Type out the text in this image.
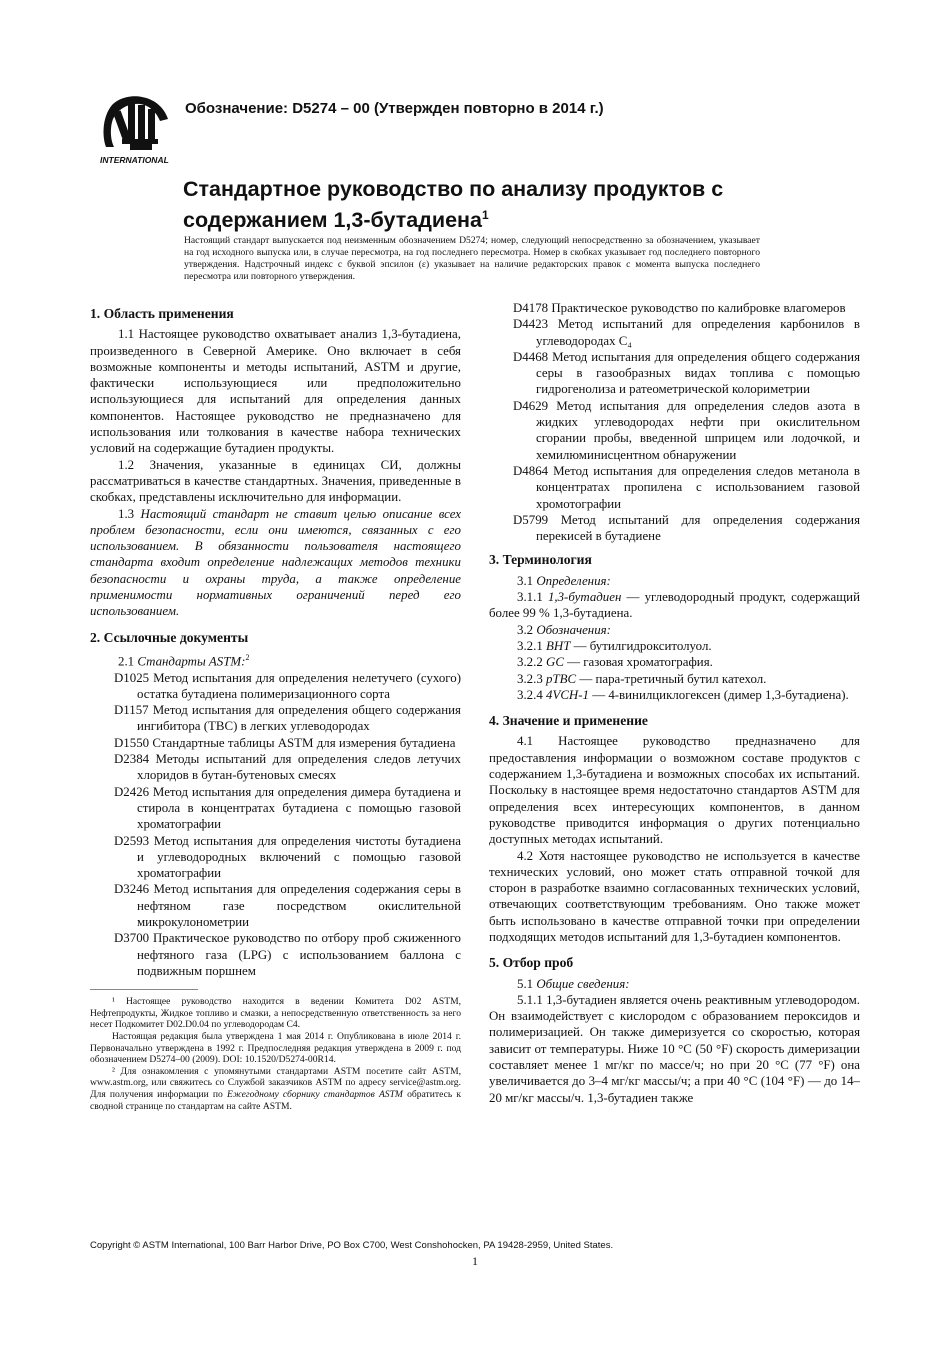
INTERNATIONAL
Обозначение: D5274 – 00 (Утвержден повторно в 2014 г.)
Стандартное руководство по анализу продуктов с содержанием 1,3-бутадиена$^1$
Настоящий стандарт выпускается под неизменным обозначением D5274; номер, следующий непосредственно за обозначением, указывает на год исходного выпуска или, в случае пересмотра, на год последнего пересмотра. Номер в скобках указывает год последнего повторного утверждения. Надстрочный индекс с буквой эпсилон (ε) указывает на наличие редакторских правок с момента выпуска последнего пересмотра или повторного утверждения.
1. Область применения

1.1 Настоящее руководство охватывает анализ 1,3-бутадиена, произведенного в Северной Америке. Оно включает в себя возможные компоненты и методы испытаний, ASTM и другие, фактически использующиеся или предположительно использующиеся для испытаний для определения данных компонентов. Настоящее руководство не предназначено для использования или толкования в качестве набора технических условий на содержащие бутадиен продукты.

1.2 Значения, указанные в единицах СИ, должны рассматриваться в качестве стандартных. Значения, приведенные в скобках, представлены исключительно для информации.

1.3 Настоящий стандарт не ставит целью описание всех проблем безопасности, если они имеются, связанных с его использованием. В обязанности пользователя настоящего стандарта входит определение надлежащих методов техники безопасности и охраны труда, а также определение применимости нормативных ограничений перед его использованием.

2. Ссылочные документы

2.1 Стандарты ASTM:$^2$

D1025 Метод испытания для определения нелетучего (сухого) остатка бутадиена полимеризационного сорта

D1157 Метод испытания для определения общего содержания ингибитора (ТВС) в легких углеводородах

D1550 Стандартные таблицы ASTM для измерения бутадиена

D2384 Методы испытаний для определения следов летучих хлоридов в бутан-бутеновых смесях

D2426 Метод испытания для определения димера бутадиена и стирола в концентратах бутадиена с помощью газовой хроматографии

D2593 Метод испытания для определения чистоты бутадиена и углеводородных включений с помощью газовой хроматографии

D3246 Метод испытания для определения содержания серы в нефтяном газе посредством окислительной микрокулонометрии

D3700 Практическое руководство по отбору проб сжиженного нефтяного газа (LPG) с использованием баллона с подвижным поршнем

¹ Настоящее руководство находится в ведении Комитета D02 ASTM, Нефтепродукты, Жидкое топливо и смазки, а непосредственную ответственность за него несет Подкомитет D02.D0.04 по углеводородам C4.

Настоящая редакция была утверждена 1 мая 2014 г. Опубликована в июле 2014 г. Первоначально утверждена в 1992 г. Предпоследняя редакция утверждена в 2009 г. под обозначением D5274–00 (2009). DOI: 10.1520/D5274-00R14.

² Для ознакомления с упомянутыми стандартами ASTM посетите сайт ASTM, www.astm.org, или свяжитесь со Службой заказчиков ASTM по адресу service@astm.org. Для получения информации по Ежегодному сборнику стандартов ASTM обратитесь к сводной странице по стандартам на сайте ASTM.

D4178 Практическое руководство по калибровке влагомеров

D4423 Метод испытаний для определения карбонилов в углеводородах C₄

D4468 Метод испытания для определения общего содержания серы в газообразных видах топлива с помощью гидрогенолиза и ратеометрической колориметрии

D4629 Метод испытания для определения следов азота в жидких углеводородах нефти при окислительном сгорании пробы, введенной шприцем или лодочкой, и хемилюминисцентном обнаружении

D4864 Метод испытания для определения следов метанола в концентратах пропилена с использованием газовой хромотографии

D5799 Метод испытаний для определения содержания перекисей в бутадиене

3. Терминология

3.1 Определения:

3.1.1 1,3-бутадиен — углеводородный продукт, содержащий более 99 % 1,3-бутадиена.

3.2 Обозначения:

3.2.1 BHT — бутилгидрокситолуол.

3.2.2 GC — газовая хроматография.

3.2.3 pTBC — пара-третичный бутил катехол.

3.2.4 4VCH-1 — 4-винилциклогексен (димер 1,3-бутадиена).

4. Значение и применение

4.1 Настоящее руководство предназначено для предоставления информации о возможном составе продуктов с содержанием 1,3-бутадиена и возможных способах их испытаний. Поскольку в настоящее время недостаточно стандартов ASTM для определения всех интересующих компонентов, в данном руководстве приводится информация о других потенциально доступных методах испытаний.

4.2 Хотя настоящее руководство не используется в качестве технических условий, оно может стать отправной точкой для сторон в разработке взаимно согласованных технических условий, отвечающих соответствующим требованиям. Оно также может быть использовано в качестве отправной точки при определении подходящих методов испытаний для 1,3-бутадиен компонентов.

5. Отбор проб

5.1 Общие сведения:

5.1.1 1,3-бутадиен является очень реактивным углеводородом. Он взаимодействует с кислородом с образованием пероксидов и полимеризацией. Он также димеризуется со скоростью, которая зависит от температуры. Ниже 10 °C (50 °F) скорость димеризации составляет менее 1 мг/кг по массе/ч; но при 20 °C (77 °F) она увеличивается до 3–4 мг/кг массы/ч; а при 40 °C (104 °F) — до 14–20 мг/кг массы/ч. 1,3-бутадиен также

Copyright © ASTM International, 100 Barr Harbor Drive, PO Box C700, West Conshohocken, PA 19428-2959, United States.
1
